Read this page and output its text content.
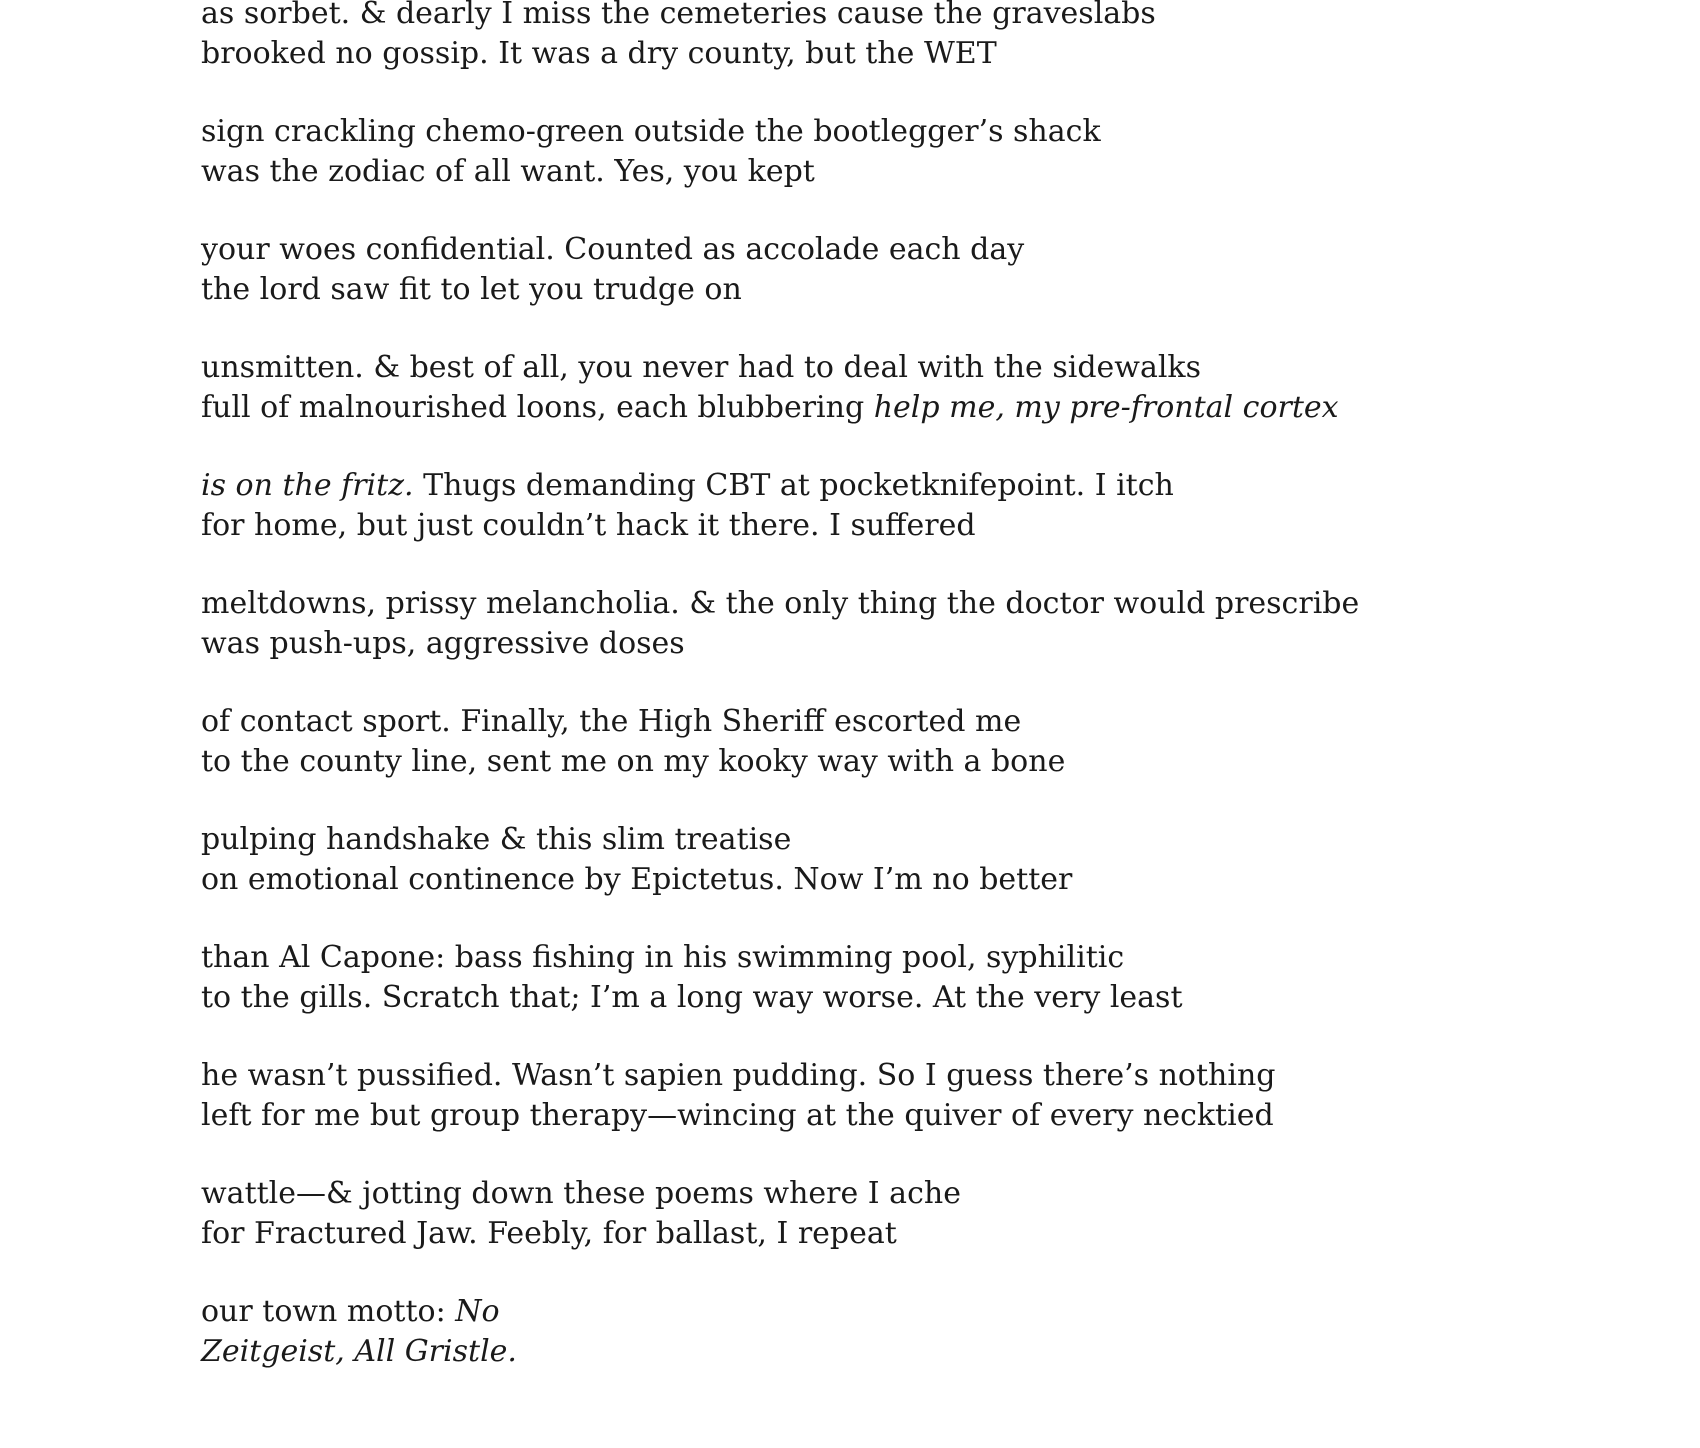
as sorbet. & dearly I miss the cemeteries cause the graveslabs
brooked no gossip. It was a dry county, but the WET
sign crackling chemo-green outside the bootlegger’s shack
was the zodiac of all want. Yes, you kept
your woes confidential. Counted as accolade each day
the lord saw fit to let you trudge on
unsmitten. & best of all, you never had to deal with the sidewalks
full of malnourished loons, each blubbering help me, my pre-frontal cortex
is on the fritz. Thugs demanding CBT at pocketknifepoint. I itch
for home, but just couldn’t hack it there. I suffered
meltdowns, prissy melancholia. & the only thing the doctor would prescribe
was push-ups, aggressive doses
of contact sport. Finally, the High Sheriff escorted me
to the county line, sent me on my kooky way with a bone
pulping handshake & this slim treatise
on emotional continence by Epictetus. Now I’m no better
than Al Capone: bass fishing in his swimming pool, syphilitic
to the gills. Scratch that; I’m a long way worse. At the very least
he wasn’t pussified. Wasn’t sapien pudding. So I guess there’s nothing
left for me but group therapy—wincing at the quiver of every necktied
wattle—& jotting down these poems where I ache
for Fractured Jaw. Feebly, for ballast, I repeat
our town motto: No
Zeitgeist, All Gristle.
